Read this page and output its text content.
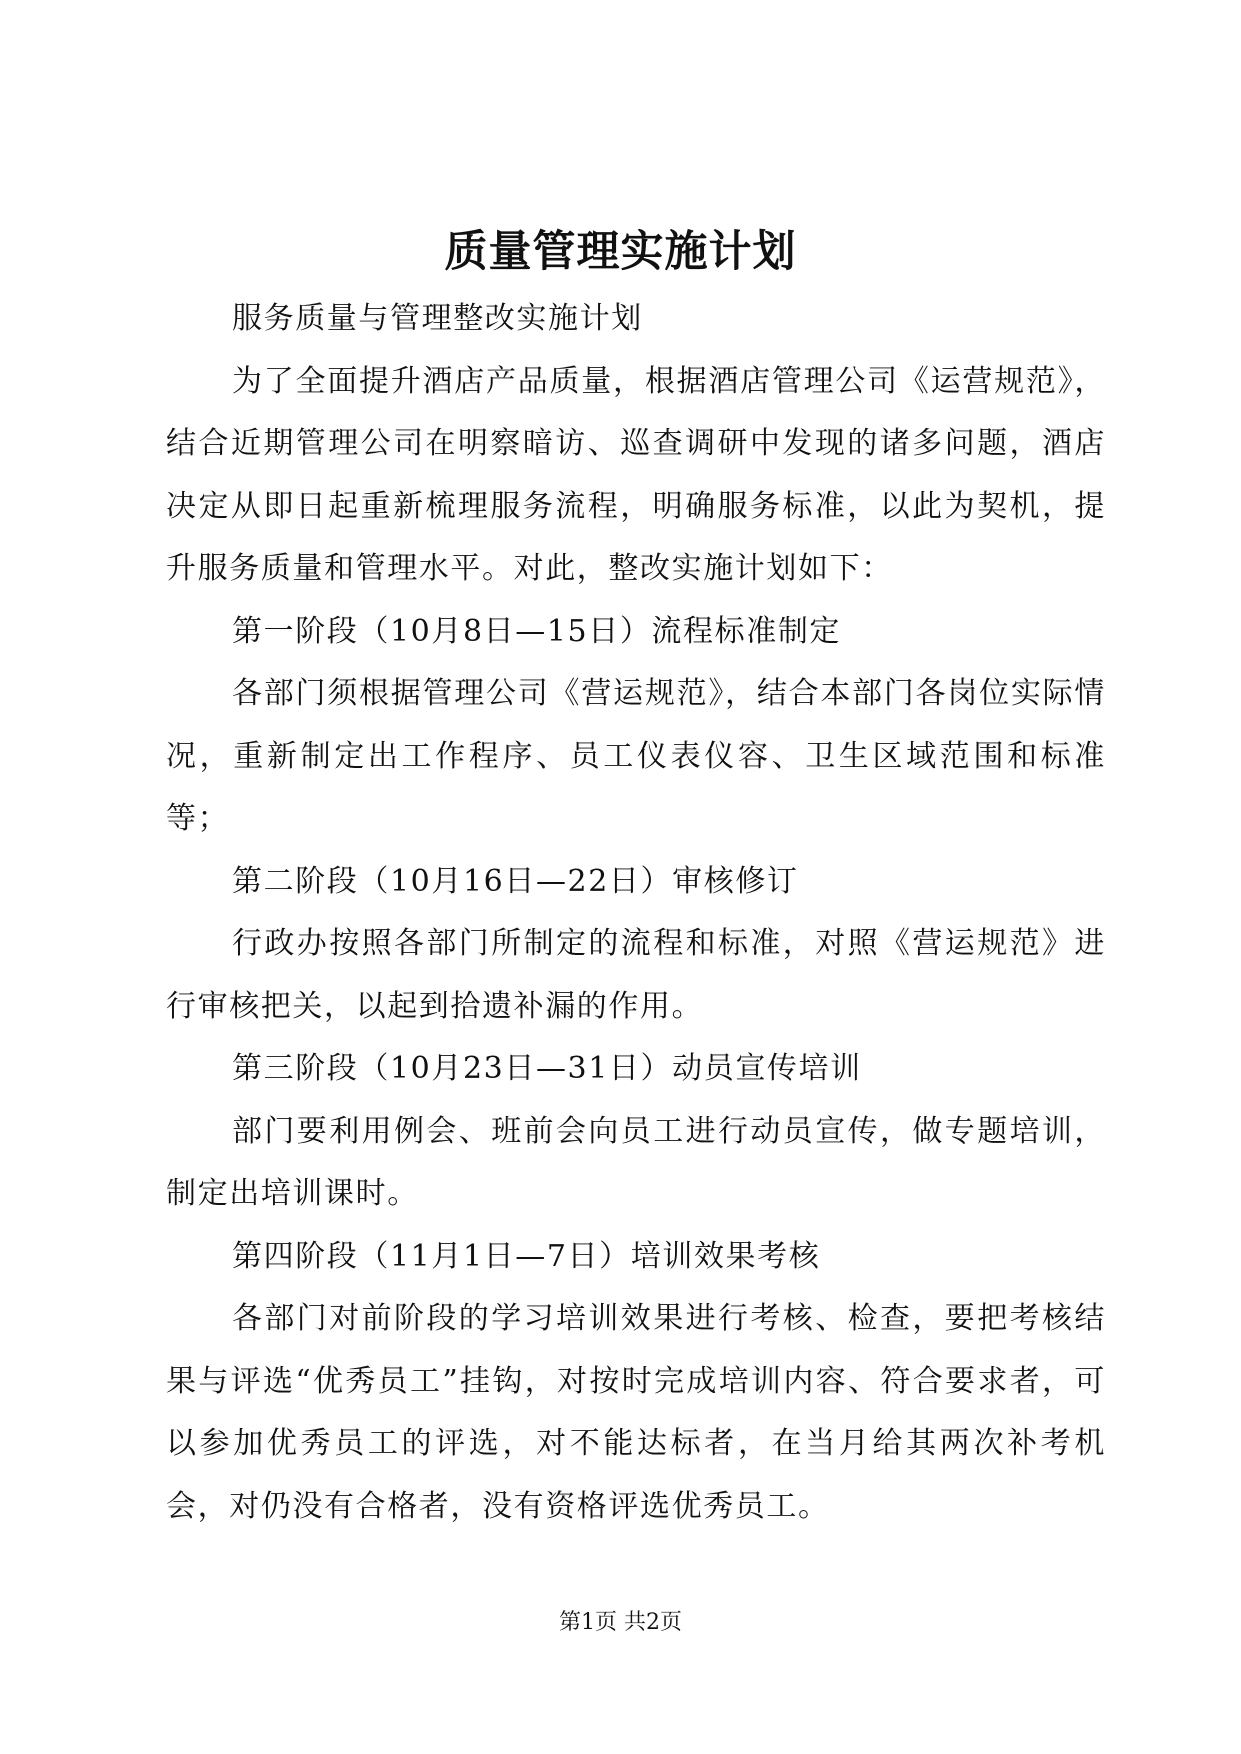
质量管理实施计划

服务质量与管理整改实施计划

为了全面提升酒店产品质量，根据酒店管理公司《运营规范》，结合近期管理公司在明察暗访、巡查调研中发现的诸多问题，酒店决定从即日起重新梳理服务流程，明确服务标准，以此为契机，提升服务质量和管理水平。对此，整改实施计划如下：

第一阶段（10月8日—15日）流程标准制定

各部门须根据管理公司《营运规范》，结合本部门各岗位实际情况，重新制定出工作程序、员工仪表仪容、卫生区域范围和标准等；

第二阶段（10月16日—22日）审核修订

行政办按照各部门所制定的流程和标准，对照《营运规范》进行审核把关，以起到拾遗补漏的作用。

第三阶段（10月23日—31日）动员宣传培训

部门要利用例会、班前会向员工进行动员宣传，做专题培训，制定出培训课时。

第四阶段（11月1日—7日）培训效果考核

各部门对前阶段的学习培训效果进行考核、检查，要把考核结果与评选“优秀员工”挂钩，对按时完成培训内容、符合要求者，可以参加优秀员工的评选，对不能达标者，在当月给其两次补考机会，对仍没有合格者，没有资格评选优秀员工。

第1页 共2页
